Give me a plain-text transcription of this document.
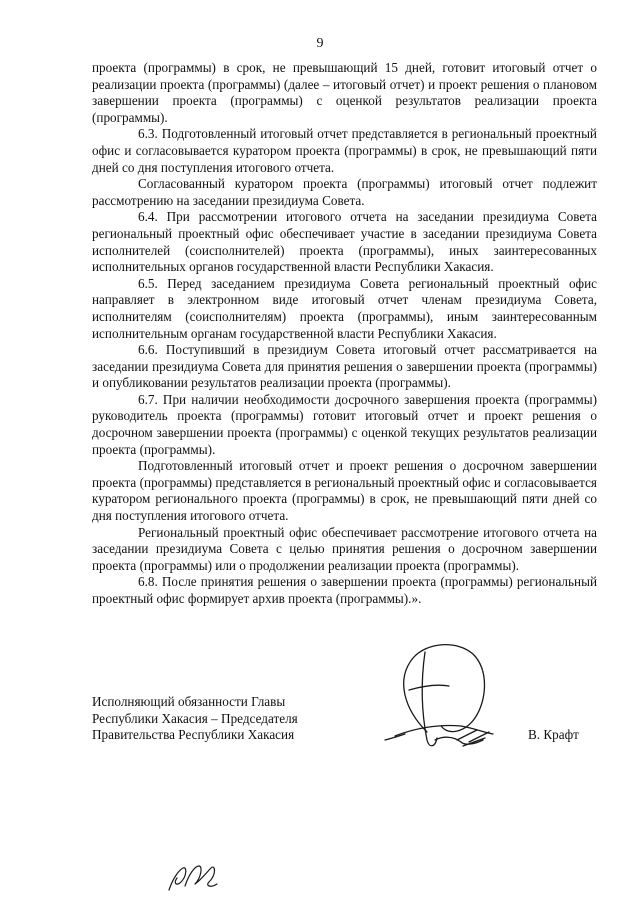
9

проекта (программы) в срок, не превышающий 15 дней, готовит итоговый отчет о реализации проекта (программы) (далее – итоговый отчет) и проект решения о плановом завершении проекта (программы) с оценкой результатов реализации проекта (программы).

6.3. Подготовленный итоговый отчет представляется в региональный проектный офис и согласовывается куратором проекта (программы) в срок, не превышающий пяти дней со дня поступления итогового отчета.

Согласованный куратором проекта (программы) итоговый отчет подлежит рассмотрению на заседании президиума Совета.

6.4. При рассмотрении итогового отчета на заседании президиума Совета региональный проектный офис обеспечивает участие в заседании президиума Совета исполнителей (соисполнителей) проекта (программы), иных заинтересованных исполнительных органов государственной власти Республики Хакасия.

6.5. Перед заседанием президиума Совета региональный проектный офис направляет в электронном виде итоговый отчет членам президиума Совета, исполнителям (соисполнителям) проекта (программы), иным заинтересованным исполнительным органам государственной власти Республики Хакасия.

6.6. Поступивший в президиум Совета итоговый отчет рассматривается на заседании президиума Совета для принятия решения о завершении проекта (программы) и опубликовании результатов реализации проекта (программы).

6.7. При наличии необходимости досрочного завершения проекта (программы) руководитель проекта (программы) готовит итоговый отчет и проект решения о досрочном завершении проекта (программы) с оценкой текущих результатов реализации проекта (программы).

Подготовленный итоговый отчет и проект решения о досрочном завершении проекта (программы) представляется в региональный проектный офис и согласовывается куратором регионального проекта (программы) в срок, не превышающий пяти дней со дня поступления итогового отчета.

Региональный проектный офис обеспечивает рассмотрение итогового отчета на заседании президиума Совета с целью принятия решения о досрочном завершении проекта (программы) или о продолжении реализации проекта (программы).

6.8. После принятия решения о завершении проекта (программы) региональный проектный офис формирует архив проекта (программы).».

Исполняющий обязанности Главы
Республики Хакасия – Председателя
Правительства Республики Хакасия	В. Крафт
